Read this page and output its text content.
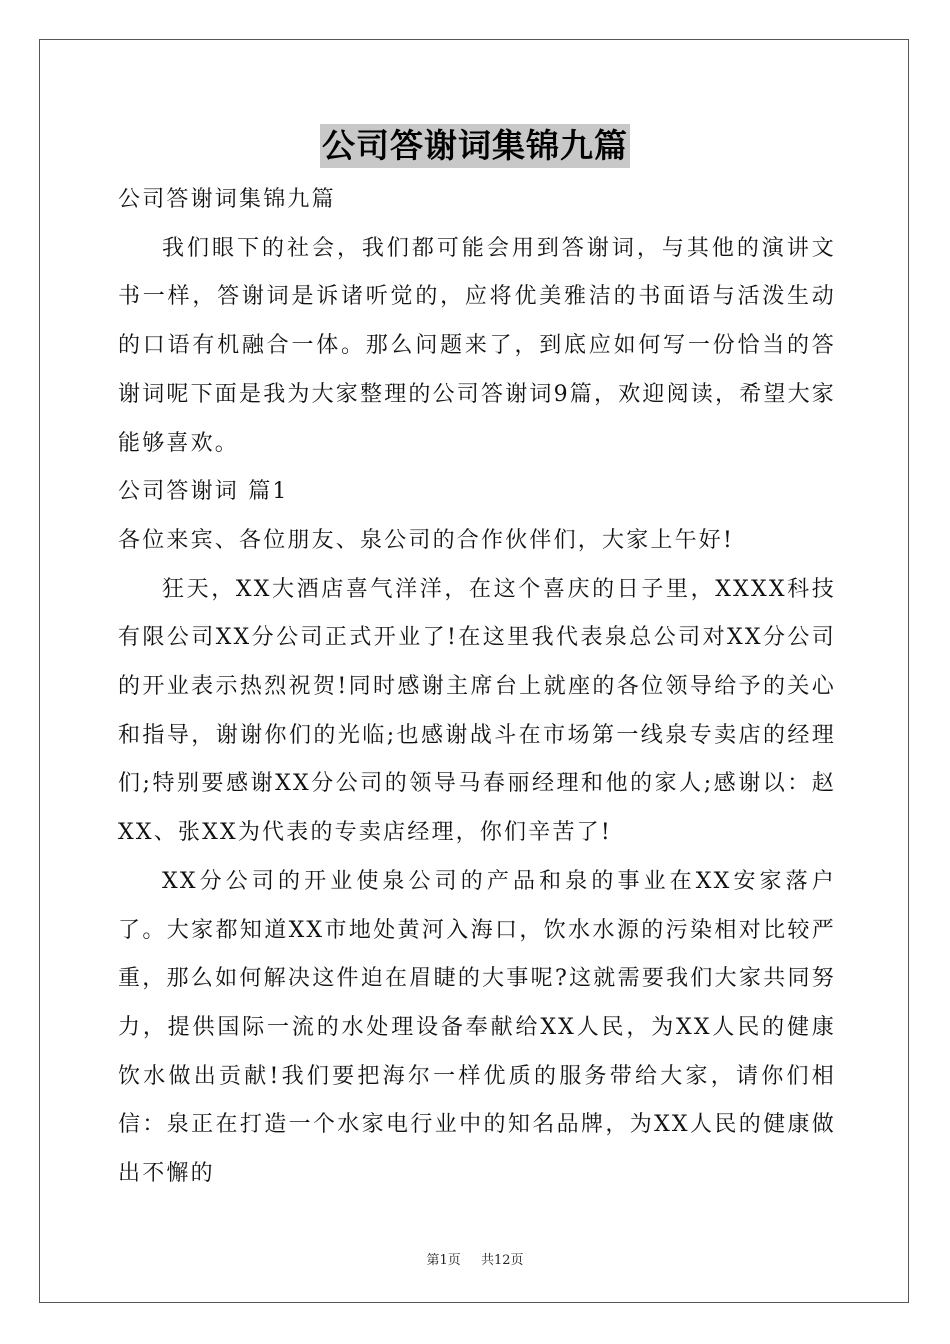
公司答谢词集锦九篇

公司答谢词集锦九篇

我们眼下的社会，我们都可能会用到答谢词，与其他的演讲文书一样，答谢词是诉诸听觉的，应将优美雅洁的书面语与活泼生动的口语有机融合一体。那么问题来了，到底应如何写一份恰当的答谢词呢下面是我为大家整理的公司答谢词9篇，欢迎阅读，希望大家能够喜欢。

公司答谢词 篇1

各位来宾、各位朋友、泉公司的合作伙伴们，大家上午好!

狂天，XX大酒店喜气洋洋，在这个喜庆的日子里，XXXX科技有限公司XX分公司正式开业了!在这里我代表泉总公司对XX分公司的开业表示热烈祝贺!同时感谢主席台上就座的各位领导给予的关心和指导，谢谢你们的光临;也感谢战斗在市场第一线泉专卖店的经理们;特别要感谢XX分公司的领导马春丽经理和他的家人;感谢以：赵XX、张XX为代表的专卖店经理，你们辛苦了!

XX分公司的开业使泉公司的产品和泉的事业在XX安家落户了。大家都知道XX市地处黄河入海口，饮水水源的污染相对比较严重，那么如何解决这件迫在眉睫的大事呢?这就需要我们大家共同努力，提供国际一流的水处理设备奉献给XX人民，为XX人民的健康饮水做出贡献!我们要把海尔一样优质的服务带给大家，请你们相信：泉正在打造一个水家电行业中的知名品牌，为XX人民的健康做出不懈的

第1页 共12页
